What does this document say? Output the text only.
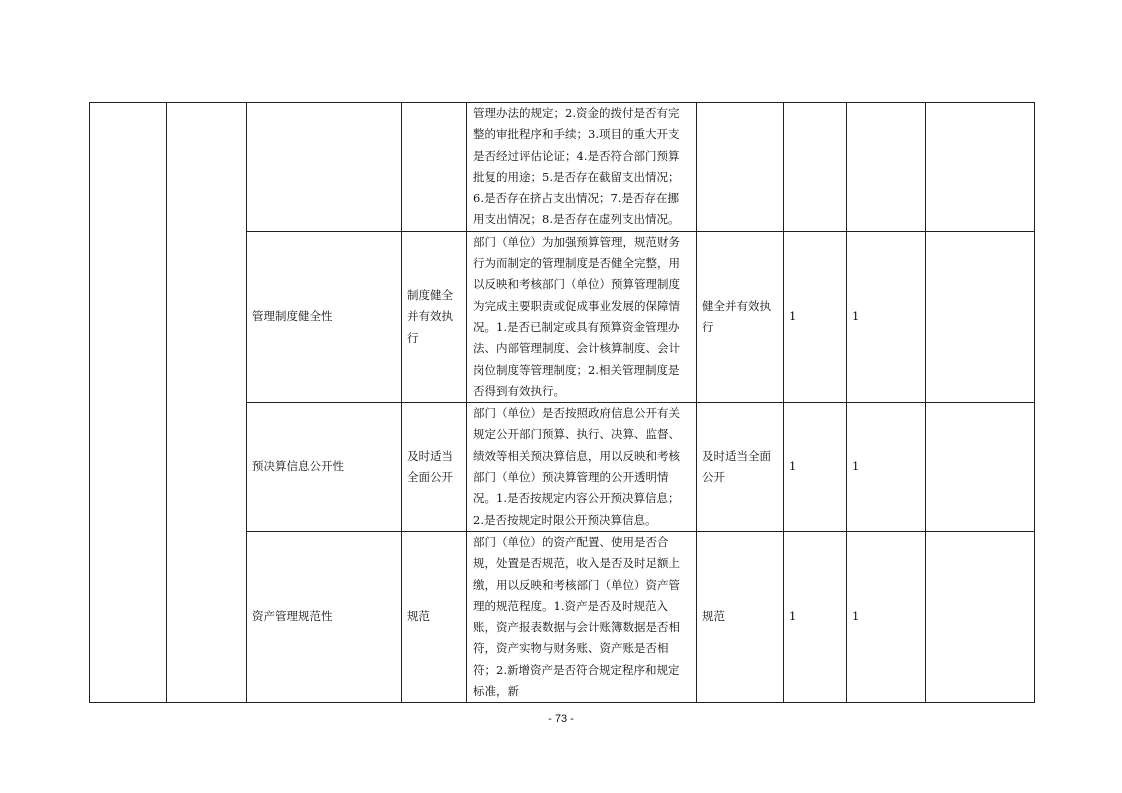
				管理办法的规定；2.资金的拨付是否有完整的审批程序和手续；3.项目的重大开支是否经过评估论证；4.是否符合部门预算批复的用途；5.是否存在截留支出情况；6.是否存在挤占支出情况；7.是否存在挪用支出情况；8.是否存在虚列支出情况。				
		管理制度健全性	制度健全并有效执行	部门（单位）为加强预算管理，规范财务行为而制定的管理制度是否健全完整，用以反映和考核部门（单位）预算管理制度为完成主要职责或促成事业发展的保障情况。1.是否已制定或具有预算资金管理办法、内部管理制度、会计核算制度、会计岗位制度等管理制度；2.相关管理制度是否得到有效执行。	健全并有效执行	1	1	
		预决算信息公开性	及时适当全面公开	部门（单位）是否按照政府信息公开有关规定公开部门预算、执行、决算、监督、绩效等相关预决算信息，用以反映和考核部门（单位）预决算管理的公开透明情况。1.是否按规定内容公开预决算信息；2.是否按规定时限公开预决算信息。	及时适当全面公开	1	1	
		资产管理规范性	规范	部门（单位）的资产配置、使用是否合规，处置是否规范，收入是否及时足额上缴，用以反映和考核部门（单位）资产管理的规范程度。1.资产是否及时规范入账，资产报表数据与会计账簿数据是否相符，资产实物与财务账、资产账是否相符；2.新增资产是否符合规定程序和规定标准，新	规范	1	1	
- 73 -
